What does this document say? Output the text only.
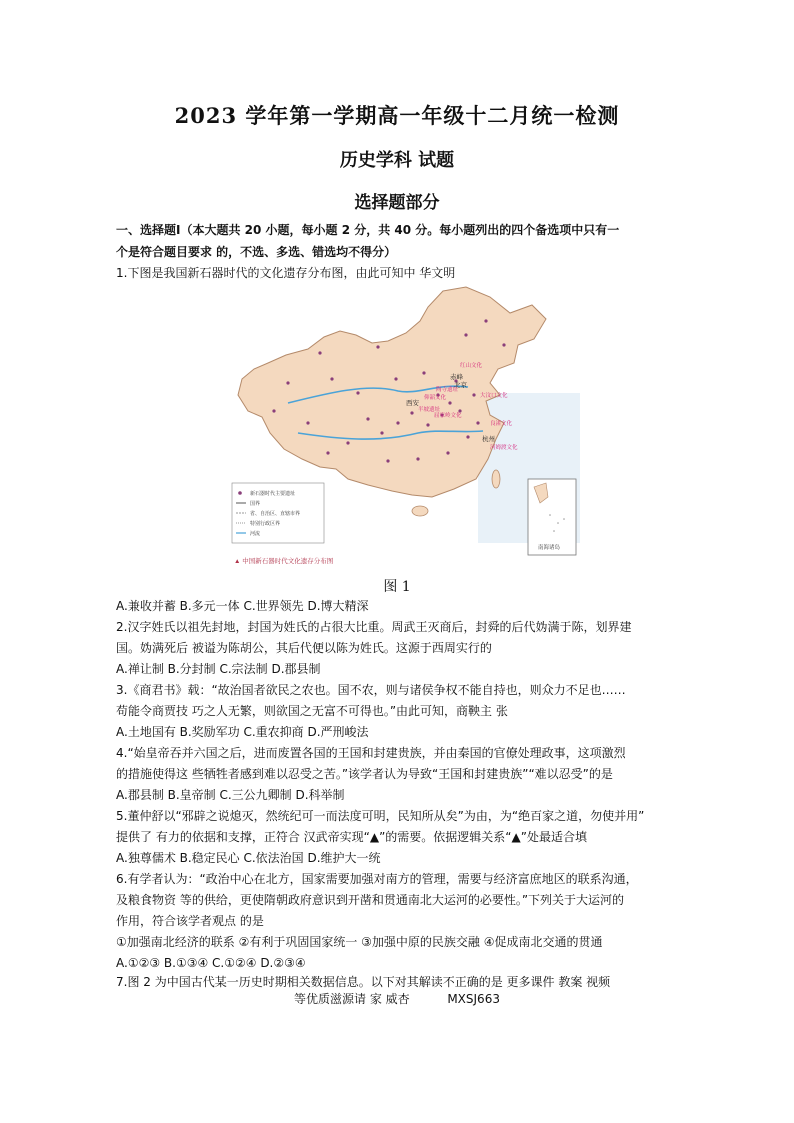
2023 学年第一学期高一年级十二月统一检测
历史学科 试题
选择题部分
一、选择题Ⅰ（本大题共 20 小题，每小题 2 分，共 40 分。每小题列出的四个备选项中只有一
个是符合题目要求 的，不选、多选、错选均不得分）
1.下图是我国新石器时代的文化遗存分布图，由此可知中 华文明
赤峰
北京
西安
杭州
红山文化
大汶口文化
仰韶文化
半坡遗址
屈家岭文化
良渚文化
河姆渡文化
陶寺遗址
新石器时代主要遗址
国界
省、自治区、直辖市界
特别行政区界
河流
南海诸岛
▲ 中国新石器时代文化遗存分布图
图 1
A.兼收并蓄 B.多元一体 C.世界领先 D.博大精深
2.汉字姓氏以祖先封地，封国为姓氏的占很大比重。周武王灭商后，封舜的后代妫满于陈，划界建
国。妫满死后 被谥为陈胡公，其后代便以陈为姓氏。这源于西周实行的
A.禅让制 B.分封制 C.宗法制 D.郡县制
3.《商君书》载：“故治国者欲民之农也。国不农，则与诸侯争权不能自持也，则众力不足也……
苟能令商贾技 巧之人无繁，则欲国之无富不可得也。”由此可知，商鞅主 张
A.土地国有 B.奖励军功 C.重农抑商 D.严刑峻法
4.“始皇帝吞并六国之后，进而废置各国的王国和封建贵族，并由秦国的官僚处理政事，这项激烈
的措施使得这 些牺牲者感到难以忍受之苦。”该学者认为导致“王国和封建贵族”“难以忍受”的是
A.郡县制 B.皇帝制 C.三公九卿制 D.科举制
5.董仲舒以“邪辟之说熄灭，然统纪可一而法度可明，民知所从矣”为由，为“绝百家之道，勿使并用”
提供了 有力的依据和支撑，正符合 汉武帝实现“▲”的需要。依据逻辑关系“▲”处最适合填
A.独尊儒术 B.稳定民心 C.依法治国 D.维护大一统
6.有学者认为：“政治中心在北方，国家需要加强对南方的管理，需要与经济富庶地区的联系沟通，
及粮食物资 等的供给，更使隋朝政府意识到开凿和贯通南北大运河的必要性。”下列关于大运河的
作用，符合该学者观点 的是
①加强南北经济的联系 ②有利于巩固国家统一 ③加强中原的民族交融 ④促成南北交通的贯通
A.①②③ B.①③④ C.①②④ D.②③④
7.图 2 为中国古代某一历史时期相关数据信息。以下对其解读不正确的是 更多课件 教案 视频
等优质滋源请 家 威杏	MXSJ663
